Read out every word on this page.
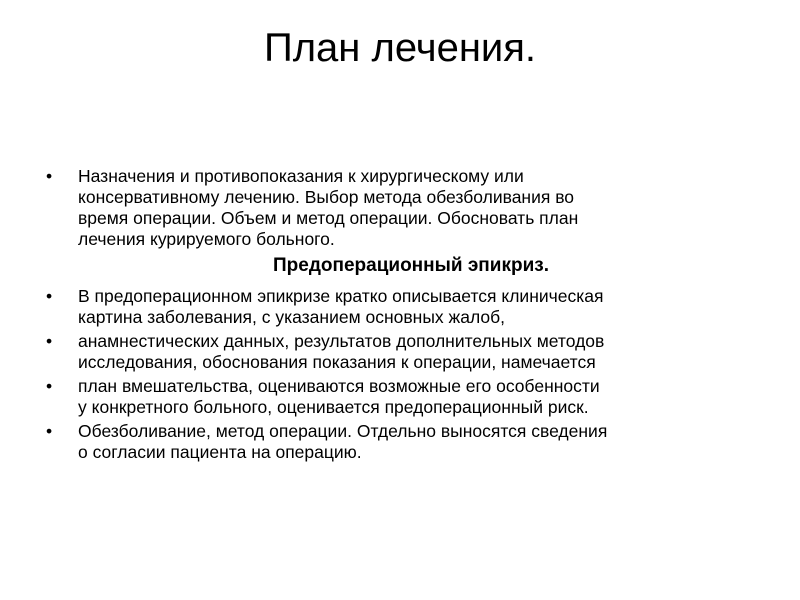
План лечения.
• Назначения и противопоказания к хирургическому или
консервативному лечению. Выбор метода обезболивания во
время операции. Объем и метод операции. Обосновать план
лечения курируемого больного.
Предоперационный эпикриз.
• В предоперационном эпикризе кратко описывается клиническая
картина заболевания, с указанием основных жалоб,
• анамнестических данных, результатов дополнительных методов
исследования, обоснования показания к операции, намечается
• план вмешательства, оцениваются возможные его особенности
у конкретного больного, оценивается предоперационный риск.
• Обезболивание, метод операции. Отдельно выносятся сведения
о согласии пациента на операцию.
